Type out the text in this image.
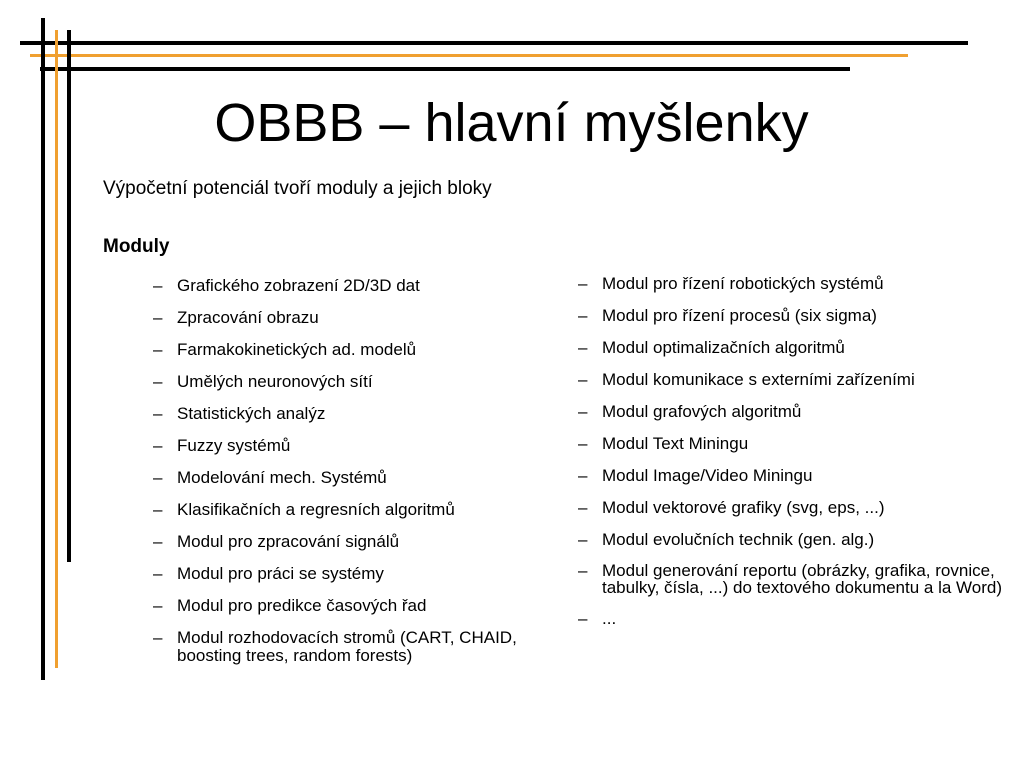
OBBB – hlavní myšlenky
Výpočetní potenciál tvoří moduly a jejich bloky
Moduly
– Grafického zobrazení 2D/3D dat
– Zpracování obrazu
– Farmakokinetických ad. modelů
– Umělých neuronových sítí
– Statistických analýz
– Fuzzy systémů
– Modelování mech. Systémů
– Klasifikačních a regresních algoritmů
– Modul pro zpracování signálů
– Modul pro práci se systémy
– Modul pro predikce časových řad
– Modul rozhodovacích stromů (CART, CHAID, boosting trees, random forests)
– Modul pro řízení robotických systémů
– Modul pro řízení procesů (six sigma)
– Modul optimalizačních algoritmů
– Modul komunikace s externími zařízeními
– Modul grafových algoritmů
– Modul Text Miningu
– Modul Image/Video Miningu
– Modul vektorové grafiky (svg, eps, ...)
– Modul evolučních technik (gen. alg.)
– Modul generování reportu (obrázky, grafika, rovnice, tabulky, čísla, ...) do textového dokumentu a la Word)
– ...
